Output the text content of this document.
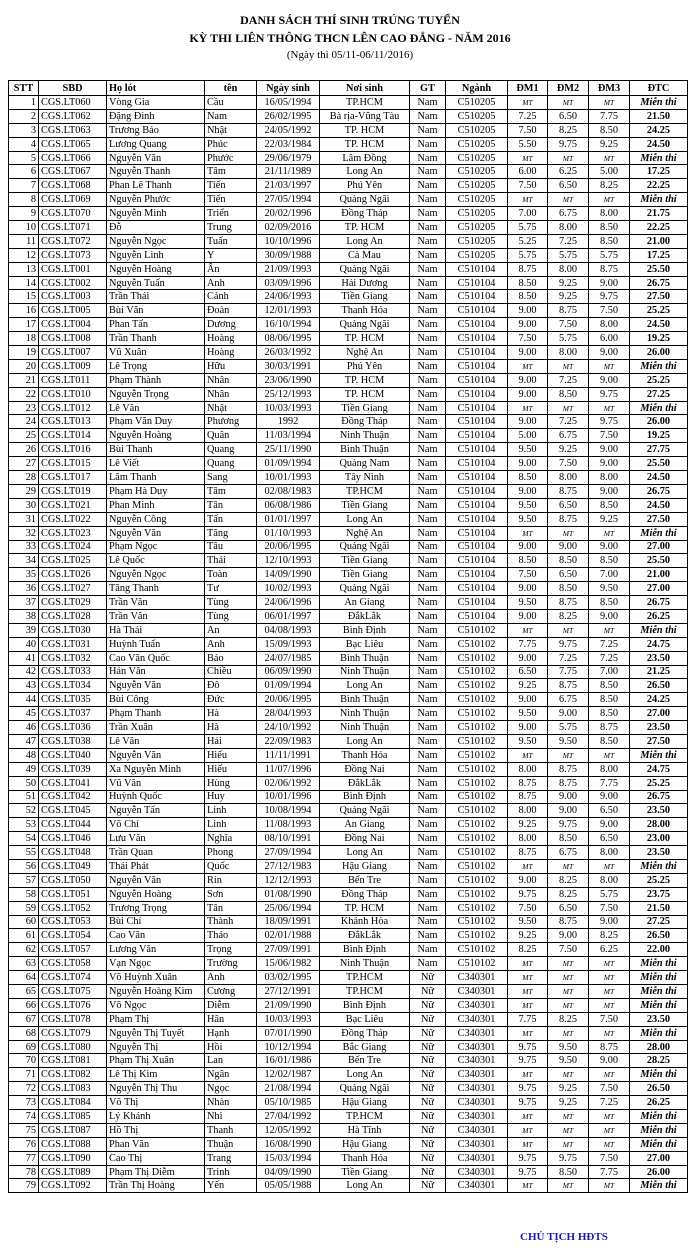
DANH SÁCH THÍ SINH TRÚNG TUYỂN
KỲ THI LIÊN THÔNG THCN LÊN CAO ĐẲNG - NĂM 2016
(Ngày thi 05/11-06/11/2016)
STT	SBD	Họ lót	tên	Ngày sinh	Nơi sinh	GT	Ngành	ĐM1	ĐM2	ĐM3	ĐTC
1	CGS.LT060	Vòng Gia	Cầu	16/05/1994	TP.HCM	Nam	C510205	MT	MT	MT	Miễn thi
2	CGS.LT062	Đặng Đình	Nam	26/02/1995	Bà rịa-Vũng Tàu	Nam	C510205	7.25	6.50	7.75	21.50
3	CGS.LT063	Trương Bảo	Nhật	24/05/1992	TP. HCM	Nam	C510205	7.50	8.25	8.50	24.25
4	CGS.LT065	Lương Quang	Phúc	22/03/1984	TP. HCM	Nam	C510205	5.50	9.75	9.25	24.50
5	CGS.LT066	Nguyễn Văn	Phước	29/06/1979	Lâm Đồng	Nam	C510205	MT	MT	MT	Miễn thi
6	CGS.LT067	Nguyễn Thanh	Tâm	21/11/1989	Long An	Nam	C510205	6.00	6.25	5.00	17.25
7	CGS.LT068	Phan Lê Thanh	Tiến	21/03/1997	Phú Yên	Nam	C510205	7.50	6.50	8.25	22.25
8	CGS.LT069	Nguyễn Phước	Tiến	27/05/1994	Quảng Ngãi	Nam	C510205	MT	MT	MT	Miễn thi
9	CGS.LT070	Nguyễn Minh	Triển	20/02/1996	Đồng Tháp	Nam	C510205	7.00	6.75	8.00	21.75
10	CGS.LT071	Đỗ	Trung	02/09/2016	TP. HCM	Nam	C510205	5.75	8.00	8.50	22.25
11	CGS.LT072	Nguyễn Ngọc	Tuấn	10/10/1996	Long An	Nam	C510205	5.25	7.25	8.50	21.00
12	CGS.LT073	Nguyễn Linh	Y	30/09/1988	Cà Mau	Nam	C510205	5.75	5.75	5.75	17.25
13	CGS.LT001	Nguyễn Hoàng	Ân	21/09/1993	Quảng Ngãi	Nam	C510104	8.75	8.00	8.75	25.50
14	CGS.LT002	Nguyễn Tuấn	Anh	03/09/1996	Hải Dương	Nam	C510104	8.50	9.25	9.00	26.75
15	CGS.LT003	Trần Thái	Cảnh	24/06/1993	Tiền Giang	Nam	C510104	8.50	9.25	9.75	27.50
16	CGS.LT005	Bùi Văn	Đoàn	12/01/1993	Thanh Hóa	Nam	C510104	9.00	8.75	7.50	25.25
17	CGS.LT004	Phan Tấn	Dương	16/10/1994	Quảng Ngãi	Nam	C510104	9.00	7.50	8.00	24.50
18	CGS.LT008	Trần Thanh	Hoàng	08/06/1995	TP. HCM	Nam	C510104	7.50	5.75	6.00	19.25
19	CGS.LT007	Vũ Xuân	Hoàng	26/03/1992	Nghệ An	Nam	C510104	9.00	8.00	9.00	26.00
20	CGS.LT009	Lê Trọng	Hữu	30/03/1991	Phú Yên	Nam	C510104	MT	MT	MT	Miễn thi
21	CGS.LT011	Phạm Thành	Nhân	23/06/1990	TP. HCM	Nam	C510104	9.00	7.25	9.00	25.25
22	CGS.LT010	Nguyễn Trọng	Nhân	25/12/1993	TP. HCM	Nam	C510104	9.00	8.50	9.75	27.25
23	CGS.LT012	Lê Văn	Nhật	10/03/1993	Tiền Giang	Nam	C510104	MT	MT	MT	Miễn thi
24	CGS.LT013	Phạm Văn Duy	Phương	1992	Đồng Tháp	Nam	C510104	9.00	7.25	9.75	26.00
25	CGS.LT014	Nguyễn Hoàng	Quân	11/03/1994	Ninh Thuận	Nam	C510104	5.00	6.75	7.50	19.25
26	CGS.LT016	Bùi Thanh	Quang	25/11/1990	Bình Thuận	Nam	C510104	9.50	9.25	9.00	27.75
27	CGS.LT015	Lê Viết	Quang	01/09/1994	Quảng Nam	Nam	C510104	9.00	7.50	9.00	25.50
28	CGS.LT017	Lâm Thanh	Sang	10/01/1993	Tây Ninh	Nam	C510104	8.50	8.00	8.00	24.50
29	CGS.LT019	Phạm Hà Duy	Tâm	02/08/1983	TP.HCM	Nam	C510104	9.00	8.75	9.00	26.75
30	CGS.LT021	Phan Minh	Tân	06/08/1986	Tiền Giang	Nam	C510104	9.50	6.50	8.50	24.50
31	CGS.LT022	Nguyễn Công	Tấn	01/01/1997	Long An	Nam	C510104	9.50	8.75	9.25	27.50
32	CGS.LT023	Nguyễn Văn	Tăng	01/10/1993	Nghệ An	Nam	C510104	MT	MT	MT	Miễn thi
33	CGS.LT024	Phạm Ngọc	Tâu	20/06/1995	Quảng Ngãi	Nam	C510104	9.00	9.00	9.00	27.00
34	CGS.LT025	Lê Quốc	Thái	12/10/1993	Tiền Giang	Nam	C510104	8.50	8.50	8.50	25.50
35	CGS.LT026	Nguyễn Ngọc	Toàn	14/09/1990	Tiền Giang	Nam	C510104	7.50	6.50	7.00	21.00
36	CGS.LT027	Tăng Thanh	Tư	10/02/1993	Quảng Ngãi	Nam	C510104	9.00	8.50	9.50	27.00
37	CGS.LT029	Trần Văn	Tùng	24/06/1996	An Giang	Nam	C510104	9.50	8.75	8.50	26.75
38	CGS.LT028	Trần Văn	Tùng	06/01/1997	ĐắkLắk	Nam	C510104	9.00	8.25	9.00	26.25
39	CGS.LT030	Hà Thái	An	04/08/1993	Bình Định	Nam	C510102	MT	MT	MT	Miễn thi
40	CGS.LT031	Huỳnh Tuấn	Anh	15/09/1993	Bạc Liêu	Nam	C510102	7.75	9.75	7.25	24.75
41	CGS.LT032	Cao Văn Quốc	Bảo	24/07/1985	Bình Thuận	Nam	C510102	9.00	7.25	7.25	23.50
42	CGS.LT033	Hán Văn	Chiều	06/09/1990	Ninh Thuận	Nam	C510102	6.50	7.75	7.00	21.25
43	CGS.LT034	Nguyễn Văn	Đô	01/09/1994	Long An	Nam	C510102	9.25	8.75	8.50	26.50
44	CGS.LT035	Bùi Công	Đức	20/06/1995	Bình Thuận	Nam	C510102	9.00	6.75	8.50	24.25
45	CGS.LT037	Phạm Thanh	Hà	28/04/1993	Ninh Thuận	Nam	C510102	9.50	9.00	8.50	27.00
46	CGS.LT036	Trần Xuân	Hà	24/10/1992	Ninh Thuận	Nam	C510102	9.00	5.75	8.75	23.50
47	CGS.LT038	Lê Văn	Hải	22/09/1983	Long An	Nam	C510102	9.50	9.50	8.50	27.50
48	CGS.LT040	Nguyễn Văn	Hiếu	11/11/1991	Thanh Hóa	Nam	C510102	MT	MT	MT	Miễn thi
49	CGS.LT039	Xa Nguyễn Minh	Hiếu	11/07/1996	Đồng Nai	Nam	C510102	8.00	8.75	8.00	24.75
50	CGS.LT041	Vũ Văn	Hùng	02/06/1992	ĐắkLắk	Nam	C510102	8.75	8.75	7.75	25.25
51	CGS.LT042	Huỳnh Quốc	Huy	10/01/1996	Bình Định	Nam	C510102	8.75	9.00	9.00	26.75
52	CGS.LT045	Nguyễn Tấn	Linh	10/08/1994	Quảng Ngãi	Nam	C510102	8.00	9.00	6.50	23.50
53	CGS.LT044	Võ Chí	Linh	11/08/1993	An Giang	Nam	C510102	9.25	9.75	9.00	28.00
54	CGS.LT046	Lưu Văn	Nghĩa	08/10/1991	Đồng Nai	Nam	C510102	8.00	8.50	6.50	23.00
55	CGS.LT048	Trần Quan	Phong	27/09/1994	Long An	Nam	C510102	8.75	6.75	8.00	23.50
56	CGS.LT049	Thái Phát	Quốc	27/12/1983	Hậu Giang	Nam	C510102	MT	MT	MT	Miễn thi
57	CGS.LT050	Nguyễn Văn	Rin	12/12/1993	Bến Tre	Nam	C510102	9.00	8.25	8.00	25.25
58	CGS.LT051	Nguyễn Hoàng	Sơn	01/08/1990	Đồng Tháp	Nam	C510102	9.75	8.25	5.75	23.75
59	CGS.LT052	Trương Trọng	Tân	25/06/1994	TP. HCM	Nam	C510102	7.50	6.50	7.50	21.50
60	CGS.LT053	Bùi Chí	Thành	18/09/1991	Khánh Hòa	Nam	C510102	9.50	8.75	9.00	27.25
61	CGS.LT054	Cao Văn	Thảo	02/01/1988	ĐắkLắk	Nam	C510102	9.25	9.00	8.25	26.50
62	CGS.LT057	Lương Văn	Trọng	27/09/1991	Bình Định	Nam	C510102	8.25	7.50	6.25	22.00
63	CGS.LT058	Vạn Ngọc	Trường	15/06/1982	Ninh Thuận	Nam	C510102	MT	MT	MT	Miễn thi
64	CGS.LT074	Võ Huỳnh Xuân	Anh	03/02/1995	TP.HCM	Nữ	C340301	MT	MT	MT	Miễn thi
65	CGS.LT075	Nguyễn Hoàng Kim	Cương	27/12/1991	TP.HCM	Nữ	C340301	MT	MT	MT	Miễn thi
66	CGS.LT076	Võ Ngọc	Diễm	21/09/1990	Bình Định	Nữ	C340301	MT	MT	MT	Miễn thi
67	CGS.LT078	Phạm Thị	Hân	10/03/1993	Bạc Liêu	Nữ	C340301	7.75	8.25	7.50	23.50
68	CGS.LT079	Nguyễn Thị Tuyết	Hạnh	07/01/1990	Đồng Tháp	Nữ	C340301	MT	MT	MT	Miễn thi
69	CGS.LT080	Nguyễn Thị	Hồi	10/12/1994	Bắc Giang	Nữ	C340301	9.75	9.50	8.75	28.00
70	CGS.LT081	Phạm Thị Xuân	Lan	16/01/1986	Bến Tre	Nữ	C340301	9.75	9.50	9.00	28.25
71	CGS.LT082	Lê Thị Kim	Ngân	12/02/1987	Long An	Nữ	C340301	MT	MT	MT	Miễn thi
72	CGS.LT083	Nguyễn Thị Thu	Ngọc	21/08/1994	Quảng Ngãi	Nữ	C340301	9.75	9.25	7.50	26.50
73	CGS.LT084	Võ Thị	Nhàn	05/10/1985	Hậu Giang	Nữ	C340301	9.75	9.25	7.25	26.25
74	CGS.LT085	Lý Khánh	Nhi	27/04/1992	TP.HCM	Nữ	C340301	MT	MT	MT	Miễn thi
75	CGS.LT087	Hồ Thị	Thanh	12/05/1992	Hà Tĩnh	Nữ	C340301	MT	MT	MT	Miễn thi
76	CGS.LT088	Phan Văn	Thuận	16/08/1990	Hậu Giang	Nữ	C340301	MT	MT	MT	Miễn thi
77	CGS.LT090	Cao Thị	Trang	15/03/1994	Thanh Hóa	Nữ	C340301	9.75	9.75	7.50	27.00
78	CGS.LT089	Phạm Thị Diễm	Trinh	04/09/1990	Tiền Giang	Nữ	C340301	9.75	8.50	7.75	26.00
79	CGS.LT092	Trần Thị Hoàng	Yến	05/05/1988	Long An	Nữ	C340301	MT	MT	MT	Miễn thi
CHỦ TỊCH HĐTS
